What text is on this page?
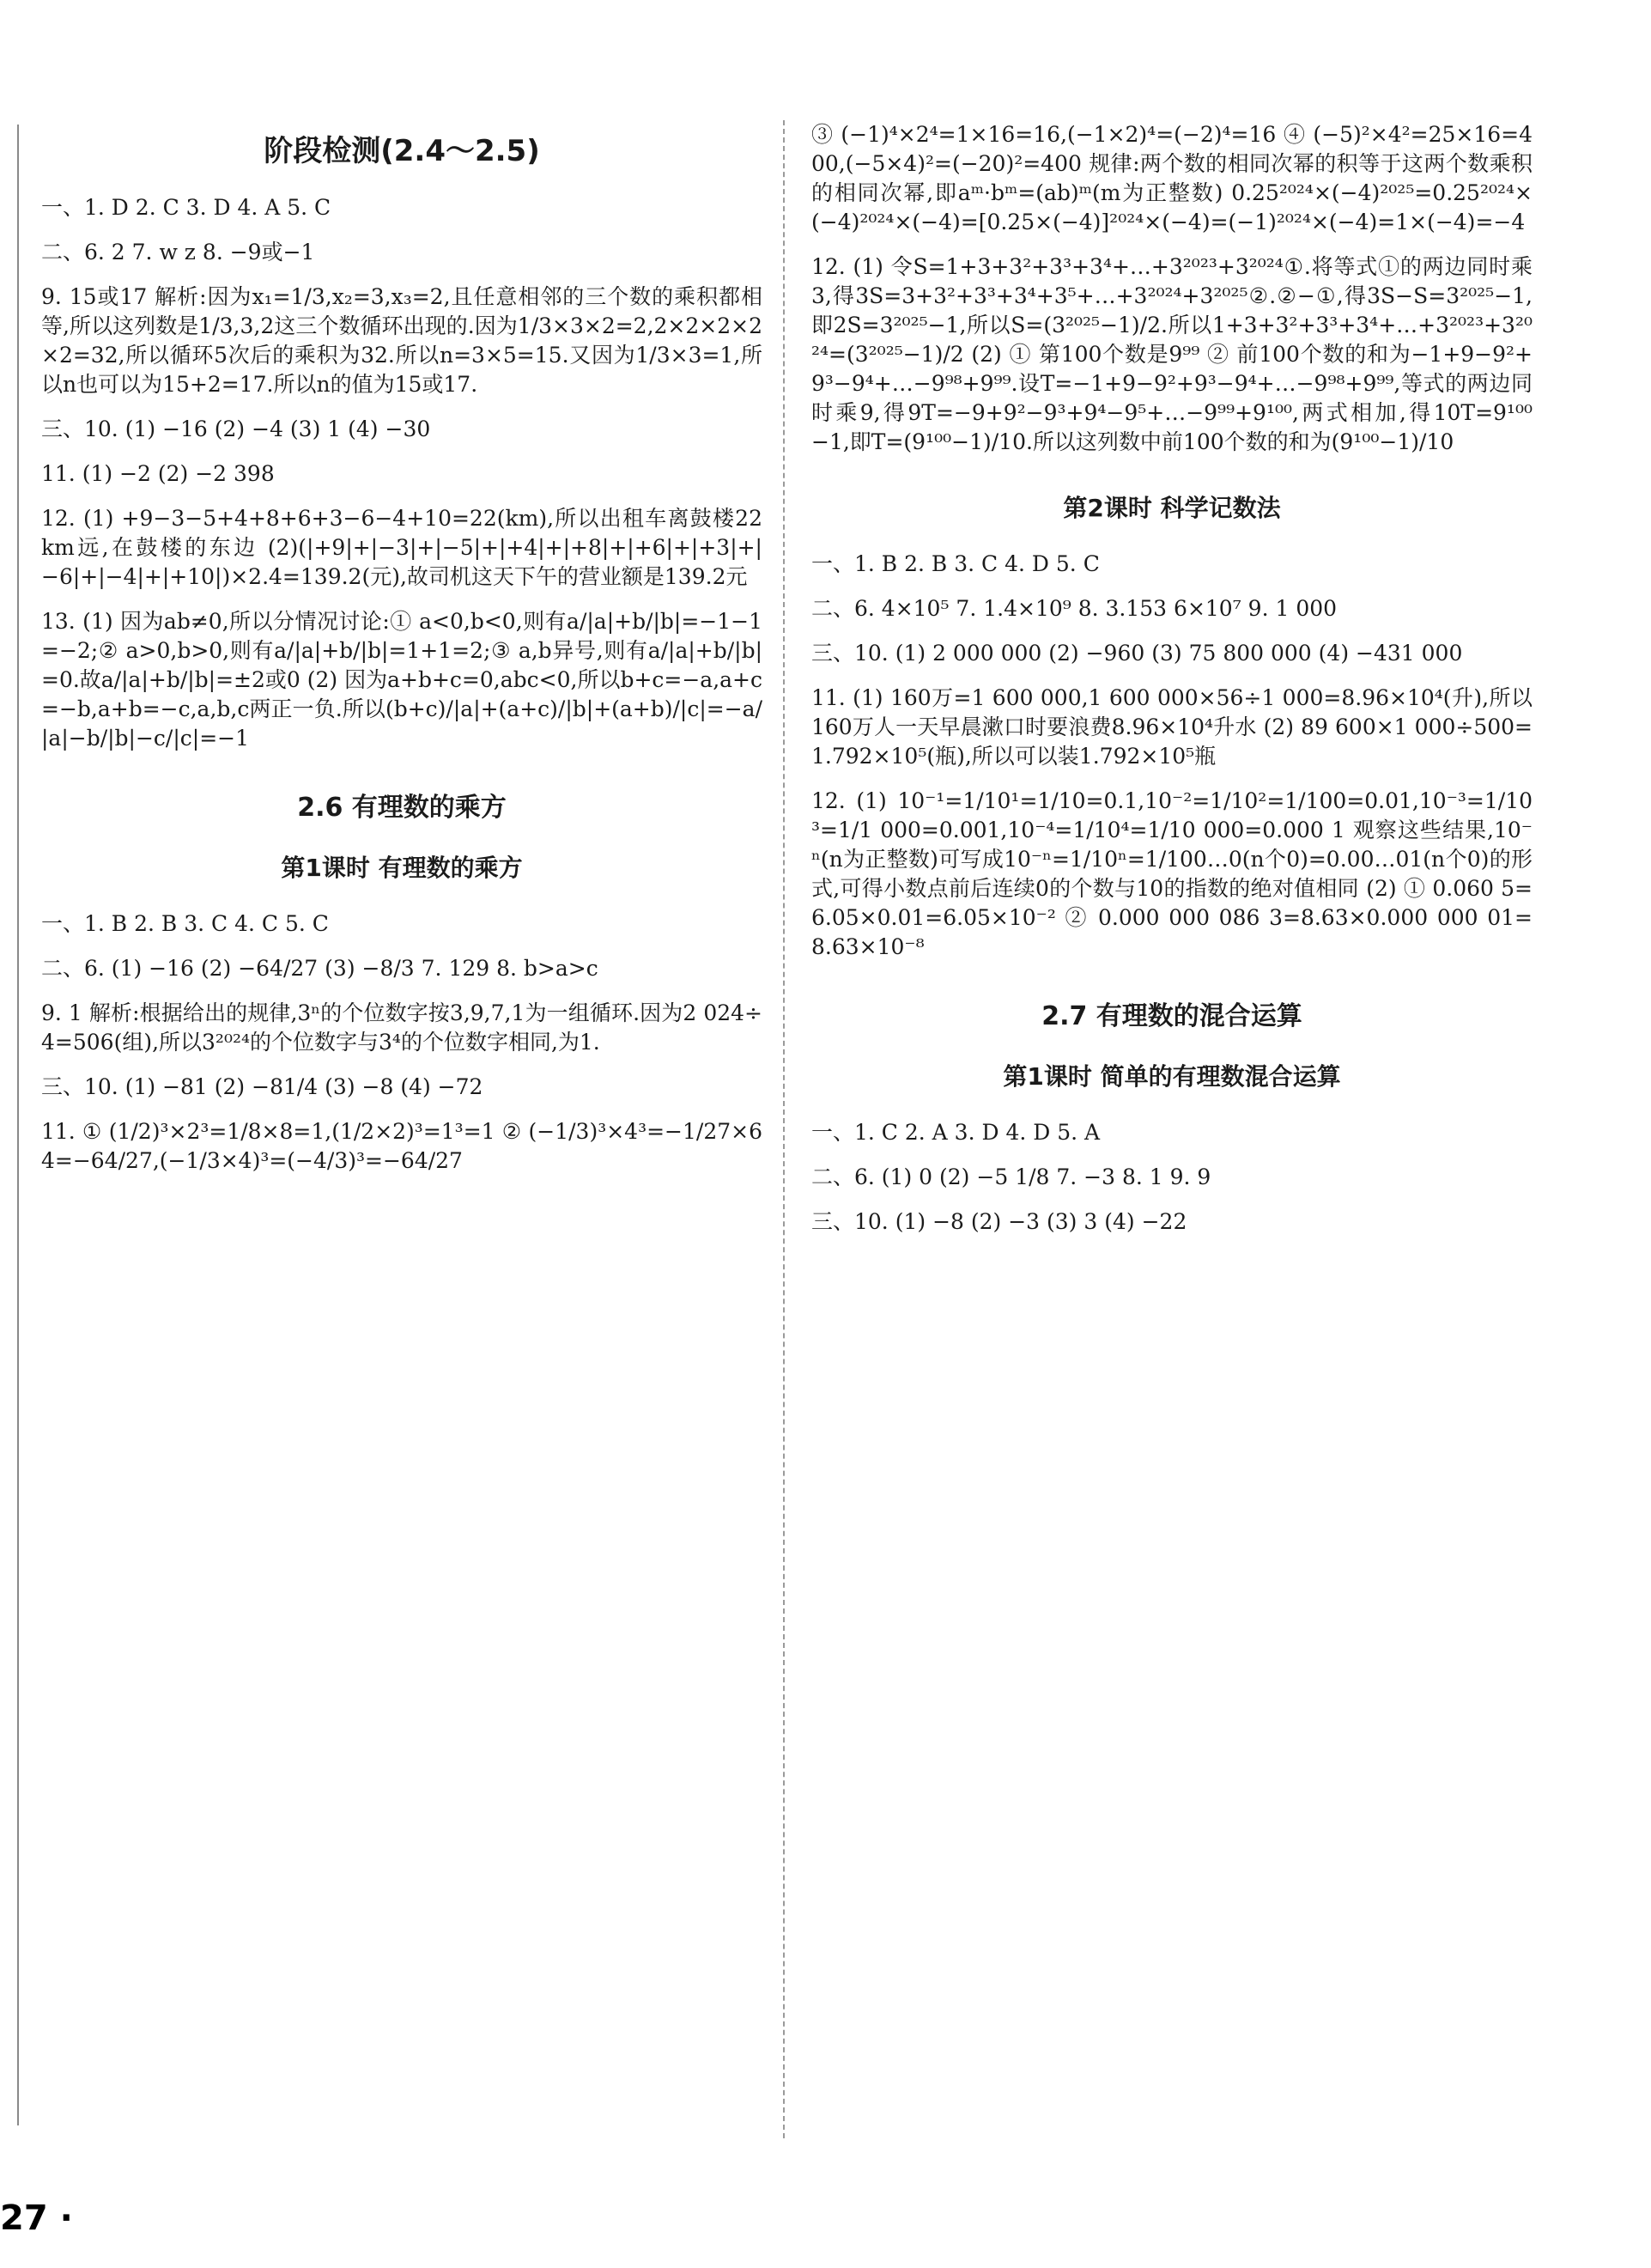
阶段检测(2.4～2.5)

一、1. D 2. C 3. D 4. A 5. C

二、6. 2 7. w z 8. −9或−1

9. 15或17 解析:因为x₁=1/3,x₂=3,x₃=2,且任意相邻的三个数的乘积都相等,所以这列数是1/3,3,2这三个数循环出现的.因为1/3×3×2=2,2×2×2×2×2=32,所以循环5次后的乘积为32.所以n=3×5=15.又因为1/3×3=1,所以n也可以为15+2=17.所以n的值为15或17.

三、10. (1) −16 (2) −4 (3) 1 (4) −30

11. (1) −2 (2) −2 398

12. (1) +9−3−5+4+8+6+3−6−4+10=22(km),所以出租车离鼓楼22 km远,在鼓楼的东边 (2)(|+9|+|−3|+|−5|+|+4|+|+8|+|+6|+|+3|+|−6|+|−4|+|+10|)×2.4=139.2(元),故司机这天下午的营业额是139.2元

13. (1) 因为ab≠0,所以分情况讨论:① a<0,b<0,则有a/|a|+b/|b|=−1−1=−2;② a>0,b>0,则有a/|a|+b/|b|=1+1=2;③ a,b异号,则有a/|a|+b/|b|=0.故a/|a|+b/|b|=±2或0 (2) 因为a+b+c=0,abc<0,所以b+c=−a,a+c=−b,a+b=−c,a,b,c两正一负.所以(b+c)/|a|+(a+c)/|b|+(a+b)/|c|=−a/|a|−b/|b|−c/|c|=−1

2.6 有理数的乘方
第1课时 有理数的乘方

一、1. B 2. B 3. C 4. C 5. C

二、6. (1) −16 (2) −64/27 (3) −8/3 7. 129 8. b>a>c

9. 1 解析:根据给出的规律,3ⁿ的个位数字按3,9,7,1为一组循环.因为2 024÷4=506(组),所以3²⁰²⁴的个位数字与3⁴的个位数字相同,为1.

三、10. (1) −81 (2) −81/4 (3) −8 (4) −72

11. ① (1/2)³×2³=1/8×8=1,(1/2×2)³=1³=1 ② (−1/3)³×4³=−1/27×64=−64/27,(−1/3×4)³=(−4/3)³=−64/27

③ (−1)⁴×2⁴=1×16=16,(−1×2)⁴=(−2)⁴=16 ④ (−5)²×4²=25×16=400,(−5×4)²=(−20)²=400 规律:两个数的相同次幂的积等于这两个数乘积的相同次幂,即aᵐ·bᵐ=(ab)ᵐ(m为正整数) 0.25²⁰²⁴×(−4)²⁰²⁵=0.25²⁰²⁴×(−4)²⁰²⁴×(−4)=[0.25×(−4)]²⁰²⁴×(−4)=(−1)²⁰²⁴×(−4)=1×(−4)=−4

12. (1) 令S=1+3+3²+3³+3⁴+…+3²⁰²³+3²⁰²⁴①.将等式①的两边同时乘3,得3S=3+3²+3³+3⁴+3⁵+…+3²⁰²⁴+3²⁰²⁵②.②−①,得3S−S=3²⁰²⁵−1,即2S=3²⁰²⁵−1,所以S=(3²⁰²⁵−1)/2.所以1+3+3²+3³+3⁴+…+3²⁰²³+3²⁰²⁴=(3²⁰²⁵−1)/2 (2) ① 第100个数是9⁹⁹ ② 前100个数的和为−1+9−9²+9³−9⁴+…−9⁹⁸+9⁹⁹.设T=−1+9−9²+9³−9⁴+…−9⁹⁸+9⁹⁹,等式的两边同时乘9,得9T=−9+9²−9³+9⁴−9⁵+…−9⁹⁹+9¹⁰⁰,两式相加,得10T=9¹⁰⁰−1,即T=(9¹⁰⁰−1)/10.所以这列数中前100个数的和为(9¹⁰⁰−1)/10

第2课时 科学记数法

一、1. B 2. B 3. C 4. D 5. C

二、6. 4×10⁵ 7. 1.4×10⁹ 8. 3.153 6×10⁷ 9. 1 000

三、10. (1) 2 000 000 (2) −960 (3) 75 800 000 (4) −431 000

11. (1) 160万=1 600 000,1 600 000×56÷1 000=8.96×10⁴(升),所以160万人一天早晨漱口时要浪费8.96×10⁴升水 (2) 89 600×1 000÷500=1.792×10⁵(瓶),所以可以装1.792×10⁵瓶

12. (1) 10⁻¹=1/10¹=1/10=0.1,10⁻²=1/10²=1/100=0.01,10⁻³=1/10³=1/1 000=0.001,10⁻⁴=1/10⁴=1/10 000=0.000 1 观察这些结果,10⁻ⁿ(n为正整数)可写成10⁻ⁿ=1/10ⁿ=1/100…0(n个0)=0.00…01(n个0)的形式,可得小数点前后连续0的个数与10的指数的绝对值相同 (2) ① 0.060 5=6.05×0.01=6.05×10⁻² ② 0.000 000 086 3=8.63×0.000 000 01=8.63×10⁻⁸

2.7 有理数的混合运算
第1课时 简单的有理数混合运算

一、1. C 2. A 3. D 4. D 5. A

二、6. (1) 0 (2) −5 1/8 7. −3 8. 1 9. 9

三、10. (1) −8 (2) −3 (3) 3 (4) −22

27 ·
